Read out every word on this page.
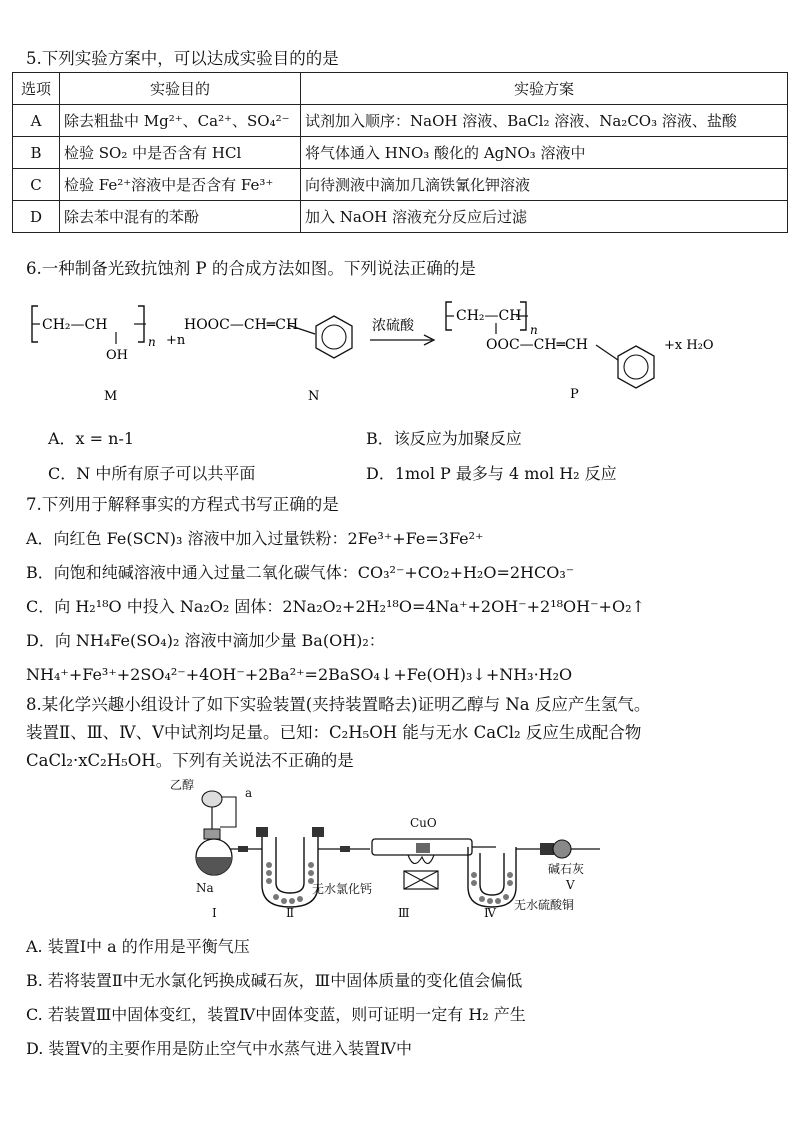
5.下列实验方案中，可以达成实验目的的是
选项	实验目的	实验方案
A	除去粗盐中 Mg²⁺、Ca²⁺、SO₄²⁻	试剂加入顺序：NaOH 溶液、BaCl₂ 溶液、Na₂CO₃ 溶液、盐酸
B	检验 SO₂ 中是否含有 HCl	将气体通入 HNO₃ 酸化的 AgNO₃ 溶液中
C	检验 Fe²⁺溶液中是否含有 Fe³⁺	向待测液中滴加几滴铁氰化钾溶液
D	除去苯中混有的苯酚	加入 NaOH 溶液充分反应后过滤
6.一种制备光致抗蚀剂 P 的合成方法如图。下列说法正确的是
CH₂—CH
n
OH
+n
HOOC—CH═CH	浓硫酸
CH₂—CH
n
OOC—CH═CH	+x H₂O
M	N	P
A．x = n-1	B．该反应为加聚反应
C．N 中所有原子可以共平面	D．1mol P 最多与 4 mol H₂ 反应
7.下列用于解释事实的方程式书写正确的是
A．向红色 Fe(SCN)₃ 溶液中加入过量铁粉：2Fe³⁺+Fe=3Fe²⁺
B．向饱和纯碱溶液中通入过量二氧化碳气体：CO₃²⁻+CO₂+H₂O=2HCO₃⁻
C．向 H₂¹⁸O 中投入 Na₂O₂ 固体：2Na₂O₂+2H₂¹⁸O=4Na⁺+2OH⁻+2¹⁸OH⁻+O₂↑
D．向 NH₄Fe(SO₄)₂ 溶液中滴加少量 Ba(OH)₂：
NH₄⁺+Fe³⁺+2SO₄²⁻+4OH⁻+2Ba²⁺=2BaSO₄↓+Fe(OH)₃↓+NH₃·H₂O
8.某化学兴趣小组设计了如下实验装置(夹持装置略去)证明乙醇与 Na 反应产生氢气。
装置Ⅱ、Ⅲ、Ⅳ、Ⅴ中试剂均足量。已知：C₂H₅OH 能与无水 CaCl₂ 反应生成配合物
CaCl₂·xC₂H₅OH。下列有关说法不正确的是
乙醇
a
Na
I	Ⅱ
无水氯化钙
CuO
Ⅲ	Ⅳ
无水硫酸铜
碱石灰
V
A. 装置Ⅰ中 a 的作用是平衡气压
B. 若将装置Ⅱ中无水氯化钙换成碱石灰，Ⅲ中固体质量的变化值会偏低
C. 若装置Ⅲ中固体变红，装置Ⅳ中固体变蓝，则可证明一定有 H₂ 产生
D. 装置Ⅴ的主要作用是防止空气中水蒸气进入装置Ⅳ中
